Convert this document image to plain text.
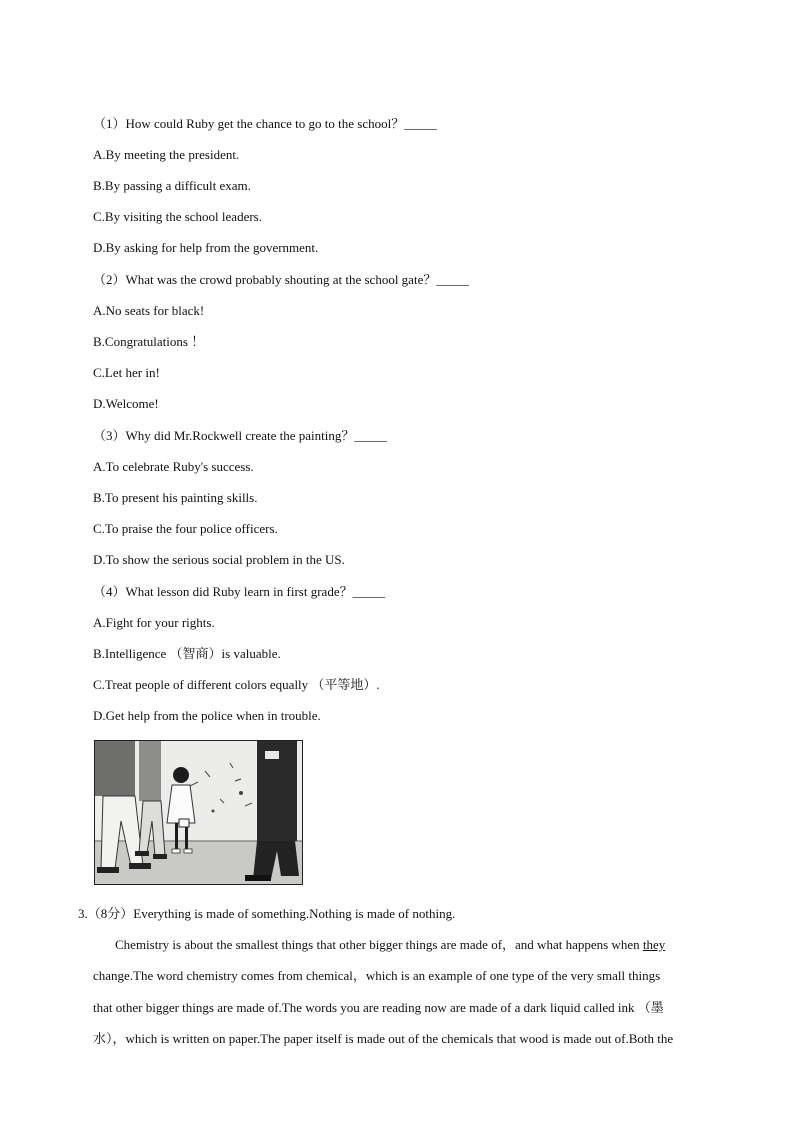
（1）How could Ruby get the chance to go to the school？_____
A.By meeting the president.
B.By passing a difficult exam.
C.By visiting the school leaders.
D.By asking for help from the government.
（2）What was the crowd probably shouting at the school gate？_____
A.No seats for black!
B.Congratulations ！
C.Let her in!
D.Welcome!
（3）Why did Mr.Rockwell create the painting？_____
A.To celebrate Ruby's success.
B.To present his painting skills.
C.To praise the four police officers.
D.To show the serious social problem in the US.
（4）What lesson did Ruby learn in first grade？_____
A.Fight for your rights.
B.Intelligence （智商）is valuable.
C.Treat people of different colors equally （平等地）.
D.Get help from the police when in trouble.
3.（8分）Everything is made of something.Nothing is made of nothing.
Chemistry is about the smallest things that other bigger things are made of，and what happens when they
change.The word chemistry comes from chemical，which is an example of one type of the very small things
that other bigger things are made of.The words you are reading now are made of a dark liquid called ink （墨
水），which is written on paper.The paper itself is made out of the chemicals that wood is made out of.Both the
